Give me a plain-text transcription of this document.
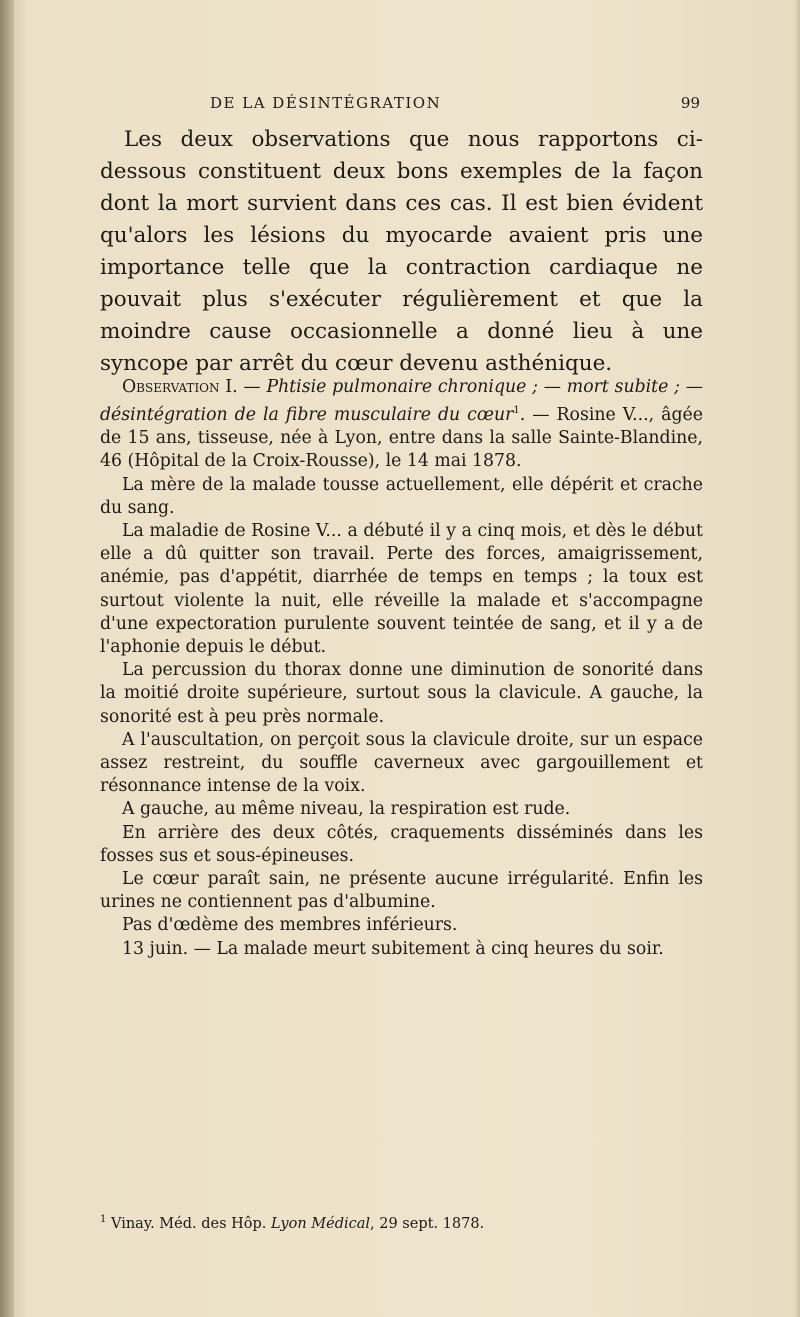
DE LA DÉSINTÉGRATION	99

Les deux observations que nous rapportons ci-dessous constituent deux bons exemples de la façon dont la mort survient dans ces cas. Il est bien évident qu'alors les lésions du myocarde avaient pris une importance telle que la contraction cardiaque ne pouvait plus s'exécuter régulièrement et que la moindre cause occasionnelle a donné lieu à une syncope par arrêt du cœur devenu asthénique.

Observation I. — Phtisie pulmonaire chronique ; — mort subite ; — désintégration de la fibre musculaire du cœur$^1$. — Rosine V..., âgée de 15 ans, tisseuse, née à Lyon, entre dans la salle Sainte-Blandine, 46 (Hôpital de la Croix-Rousse), le 14 mai 1878.

La mère de la malade tousse actuellement, elle dépérit et crache du sang.

La maladie de Rosine V... a débuté il y a cinq mois, et dès le début elle a dû quitter son travail. Perte des forces, amaigrissement, anémie, pas d'appétit, diarrhée de temps en temps ; la toux est surtout violente la nuit, elle réveille la malade et s'accompagne d'une expectoration purulente souvent teintée de sang, et il y a de l'aphonie depuis le début.

La percussion du thorax donne une diminution de sonorité dans la moitié droite supérieure, surtout sous la clavicule. A gauche, la sonorité est à peu près normale.

A l'auscultation, on perçoit sous la clavicule droite, sur un espace assez restreint, du souffle caverneux avec gargouillement et résonnance intense de la voix.

A gauche, au même niveau, la respiration est rude.

En arrière des deux côtés, craquements disséminés dans les fosses sus et sous-épineuses.

Le cœur paraît sain, ne présente aucune irrégularité. Enfin les urines ne contiennent pas d'albumine.

Pas d'œdème des membres inférieurs.

13 juin. — La malade meurt subitement à cinq heures du soir.

$^1$ Vinay. Méd. des Hôp. Lyon Médical, 29 sept. 1878.
